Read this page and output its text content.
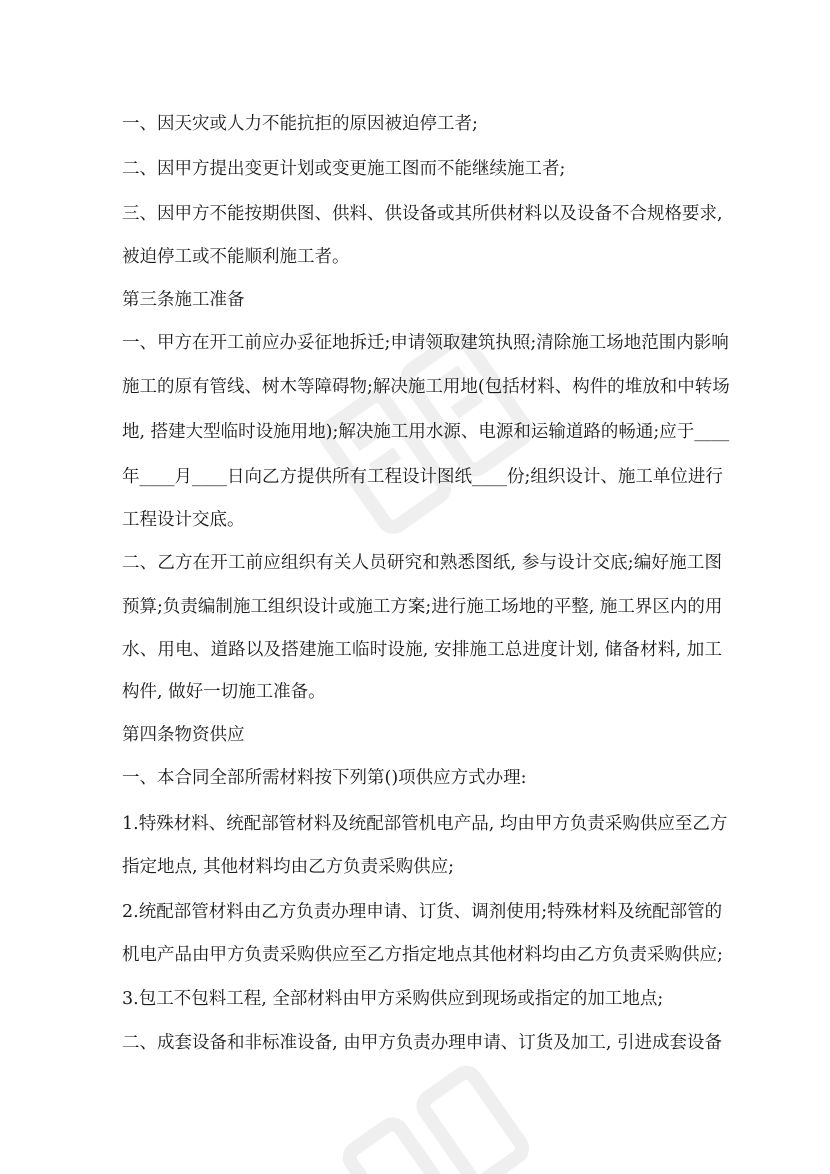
一、因天灾或人力不能抗拒的原因被迫停工者;
二、因甲方提出变更计划或变更施工图而不能继续施工者;
三、因甲方不能按期供图、供料、供设备或其所供材料以及设备不合规格要求,
被迫停工或不能顺利施工者。
第三条施工准备
一、甲方在开工前应办妥征地拆迁;申请领取建筑执照;清除施工场地范围内影响
施工的原有管线、树木等障碍物;解决施工用地(包括材料、构件的堆放和中转场
地, 搭建大型临时设施用地);解决施工用水源、电源和运输道路的畅通;应于____
年____月____日向乙方提供所有工程设计图纸____份;组织设计、施工单位进行
工程设计交底。
二、乙方在开工前应组织有关人员研究和熟悉图纸, 参与设计交底;编好施工图
预算;负责编制施工组织设计或施工方案;进行施工场地的平整, 施工界区内的用
水、用电、道路以及搭建施工临时设施, 安排施工总进度计划, 储备材料, 加工
构件, 做好一切施工准备。
第四条物资供应
一、本合同全部所需材料按下列第()项供应方式办理:
1.特殊材料、统配部管材料及统配部管机电产品, 均由甲方负责采购供应至乙方
指定地点, 其他材料均由乙方负责采购供应;
2.统配部管材料由乙方负责办理申请、订货、调剂使用;特殊材料及统配部管的
机电产品由甲方负责采购供应至乙方指定地点其他材料均由乙方负责采购供应;
3.包工不包料工程, 全部材料由甲方采购供应到现场或指定的加工地点;
二、成套设备和非标准设备, 由甲方负责办理申请、订货及加工, 引进成套设备
